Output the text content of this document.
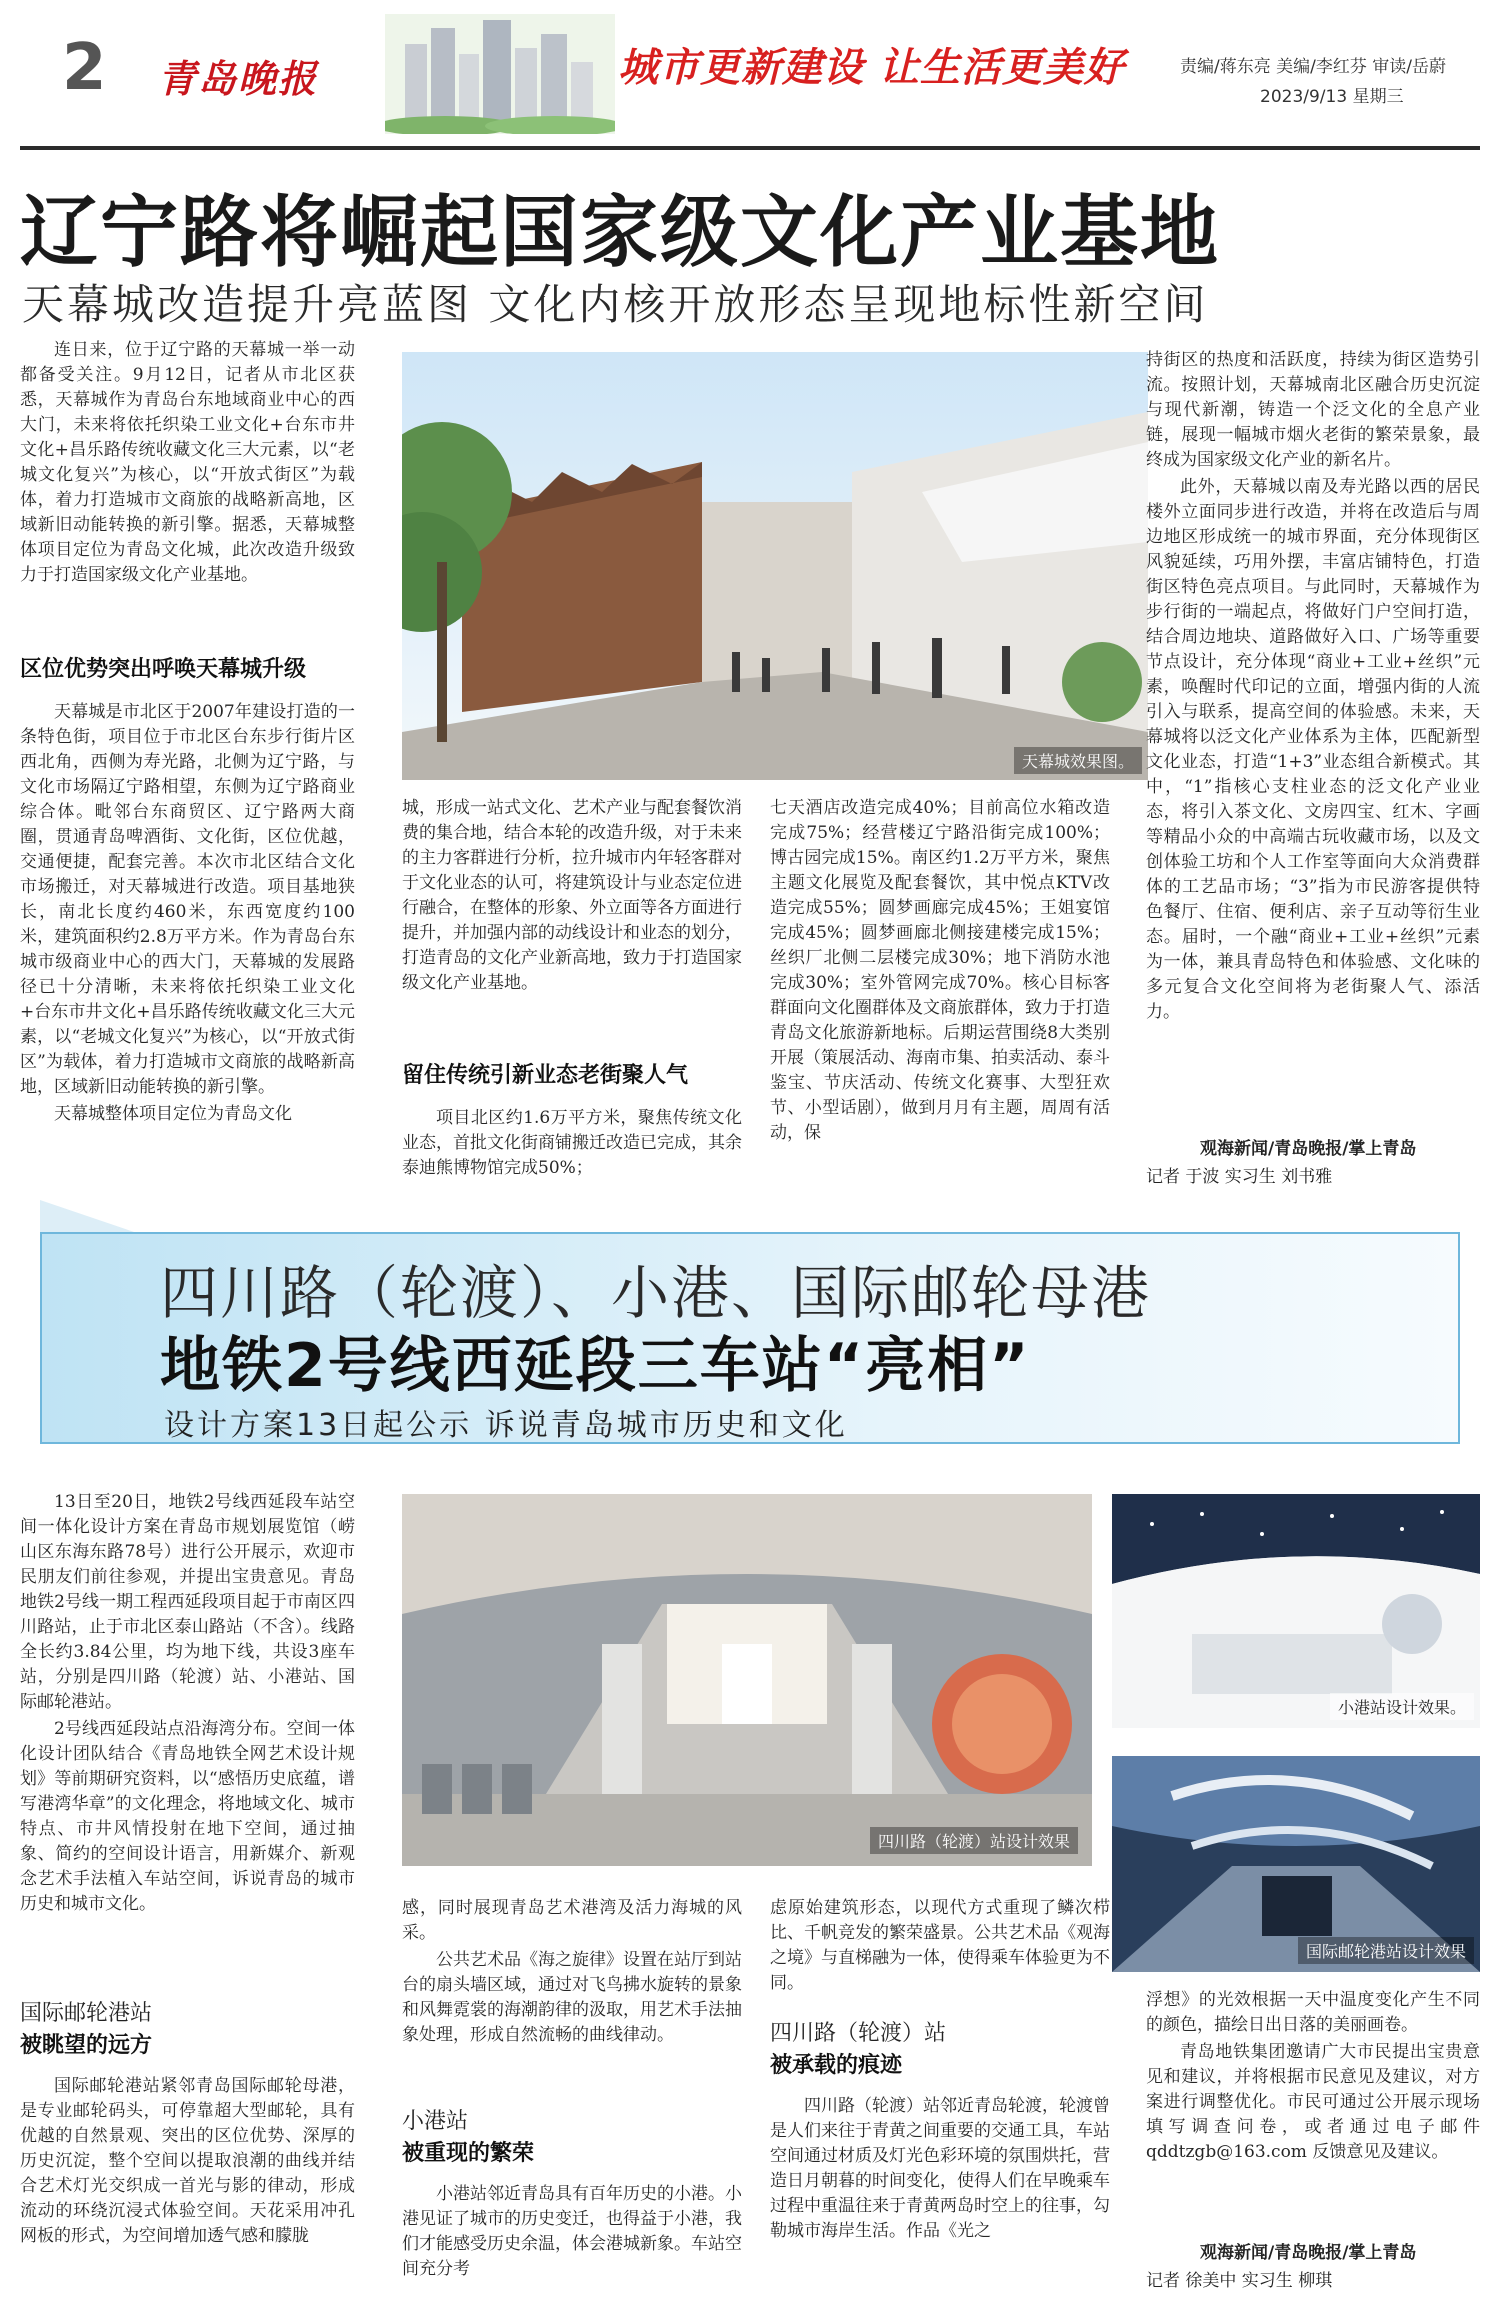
2 青岛晚报	城市更新建设 让生活更美好	责编/蒋东亮 美编/李红芬 审读/岳蔚
2023/9/13 星期三
辽宁路将崛起国家级文化产业基地
天幕城改造提升亮蓝图 文化内核开放形态呈现地标性新空间

连日来，位于辽宁路的天幕城一举一动都备受关注。9月12日，记者从市北区获悉，天幕城作为青岛台东地域商业中心的西大门，未来将依托织染工业文化+台东市井文化+昌乐路传统收藏文化三大元素，以“老城文化复兴”为核心，以“开放式街区”为载体，着力打造城市文商旅的战略新高地，区域新旧动能转换的新引擎。据悉，天幕城整体项目定位为青岛文化城，此次改造升级致力于打造国家级文化产业基地。

区位优势突出呼唤天幕城升级

天幕城是市北区于2007年建设打造的一条特色街，项目位于市北区台东步行街片区西北角，西侧为寿光路，北侧为辽宁路，与文化市场隔辽宁路相望，东侧为辽宁路商业综合体。毗邻台东商贸区、辽宁路两大商圈，贯通青岛啤酒街、文化街，区位优越，交通便捷，配套完善。本次市北区结合文化市场搬迁，对天幕城进行改造。项目基地狭长，南北长度约460米，东西宽度约100米，建筑面积约2.8万平方米。作为青岛台东城市级商业中心的西大门，天幕城的发展路径已十分清晰，未来将依托织染工业文化+台东市井文化+昌乐路传统收藏文化三大元素，以“老城文化复兴”为核心，以“开放式街区”为载体，着力打造城市文商旅的战略新高地，区域新旧动能转换的新引擎。

天幕城整体项目定位为青岛文化

天幕城效果图。

城，形成一站式文化、艺术产业与配套餐饮消费的集合地，结合本轮的改造升级，对于未来的主力客群进行分析，拉升城市内年轻客群对于文化业态的认可，将建筑设计与业态定位进行融合，在整体的形象、外立面等各方面进行提升，并加强内部的动线设计和业态的划分，打造青岛的文化产业新高地，致力于打造国家级文化产业基地。

留住传统引新业态老街聚人气

项目北区约1.6万平方米，聚焦传统文化业态，首批文化街商铺搬迁改造已完成，其余泰迪熊博物馆完成50%；

七天酒店改造完成40%；目前高位水箱改造完成75%；经营楼辽宁路沿街完成100%；博古园完成15%。南区约1.2万平方米，聚焦主题文化展览及配套餐饮，其中悦点KTV改造完成55%；圆梦画廊完成45%；王姐宴馆完成45%；圆梦画廊北侧接建楼完成15%；丝织厂北侧二层楼完成30%；地下消防水池完成30%；室外管网完成70%。核心目标客群面向文化圈群体及文商旅群体，致力于打造青岛文化旅游新地标。后期运营围绕8大类别开展（策展活动、海南市集、拍卖活动、泰斗鉴宝、节庆活动、传统文化赛事、大型狂欢节、小型话剧），做到月月有主题，周周有活动，保

持街区的热度和活跃度，持续为街区造势引流。按照计划，天幕城南北区融合历史沉淀与现代新潮，铸造一个泛文化的全息产业链，展现一幅城市烟火老街的繁荣景象，最终成为国家级文化产业的新名片。

此外，天幕城以南及寿光路以西的居民楼外立面同步进行改造，并将在改造后与周边地区形成统一的城市界面，充分体现街区风貌延续，巧用外摆，丰富店铺特色，打造街区特色亮点项目。与此同时，天幕城作为步行街的一端起点，将做好门户空间打造，结合周边地块、道路做好入口、广场等重要节点设计，充分体现“商业+工业+丝织”元素，唤醒时代印记的立面，增强内街的人流引入与联系，提高空间的体验感。未来，天幕城将以泛文化产业体系为主体，匹配新型文化业态，打造“1+3”业态组合新模式。其中，“1”指核心支柱业态的泛文化产业业态，将引入茶文化、文房四宝、红木、字画等精品小众的中高端古玩收藏市场，以及文创体验工坊和个人工作室等面向大众消费群体的工艺品市场；“3”指为市民游客提供特色餐厅、住宿、便利店、亲子互动等衍生业态。届时，一个融“商业+工业+丝织”元素为一体，兼具青岛特色和体验感、文化味的多元复合文化空间将为老街聚人气、添活力。

观海新闻/青岛晚报/掌上青岛
记者 于波 实习生 刘书雅
四川路（轮渡）、小港、国际邮轮母港
地铁2号线西延段三车站“亮相”
设计方案13日起公示 诉说青岛城市历史和文化

13日至20日，地铁2号线西延段车站空间一体化设计方案在青岛市规划展览馆（崂山区东海东路78号）进行公开展示，欢迎市民朋友们前往参观，并提出宝贵意见。青岛地铁2号线一期工程西延段项目起于市南区四川路站，止于市北区泰山路站（不含）。线路全长约3.84公里，均为地下线，共设3座车站，分别是四川路（轮渡）站、小港站、国际邮轮港站。

2号线西延段站点沿海湾分布。空间一体化设计团队结合《青岛地铁全网艺术设计规划》等前期研究资料，以“感悟历史底蕴，谱写港湾华章”的文化理念，将地域文化、城市特点、市井风情投射在地下空间，通过抽象、简约的空间设计语言，用新媒介、新观念艺术手法植入车站空间，诉说青岛的城市历史和城市文化。

国际邮轮港站
被眺望的远方

国际邮轮港站紧邻青岛国际邮轮母港，是专业邮轮码头，可停靠超大型邮轮，具有优越的自然景观、突出的区位优势、深厚的历史沉淀，整个空间以提取浪潮的曲线并结合艺术灯光交织成一首光与影的律动，形成流动的环绕沉浸式体验空间。天花采用冲孔网板的形式，为空间增加透气感和朦胧

四川路（轮渡）站设计效果

感，同时展现青岛艺术港湾及活力海城的风采。

公共艺术品《海之旋律》设置在站厅到站台的扇头墙区域，通过对飞鸟拂水旋转的景象和风舞霓裳的海潮韵律的汲取，用艺术手法抽象处理，形成自然流畅的曲线律动。

小港站
被重现的繁荣

小港站邻近青岛具有百年历史的小港。小港见证了城市的历史变迁，也得益于小港，我们才能感受历史余温，体会港城新象。车站空间充分考

虑原始建筑形态，以现代方式重现了鳞次栉比、千帆竞发的繁荣盛景。公共艺术品《观海之境》与直梯融为一体，使得乘车体验更为不同。

四川路（轮渡）站
被承载的痕迹

四川路（轮渡）站邻近青岛轮渡，轮渡曾是人们来往于青黄之间重要的交通工具，车站空间通过材质及灯光色彩环境的氛围烘托，营造日月朝暮的时间变化，使得人们在早晚乘车过程中重温往来于青黄两岛时空上的往事，勾勒城市海岸生活。作品《光之

小港站设计效果。
国际邮轮港站设计效果

浮想》的光效根据一天中温度变化产生不同的颜色，描绘日出日落的美丽画卷。

青岛地铁集团邀请广大市民提出宝贵意见和建议，并将根据市民意见及建议，对方案进行调整优化。市民可通过公开展示现场填写调查问卷，或者通过电子邮件 qddtzgb@163.com 反馈意见及建议。

观海新闻/青岛晚报/掌上青岛
记者 徐美中 实习生 柳琪
